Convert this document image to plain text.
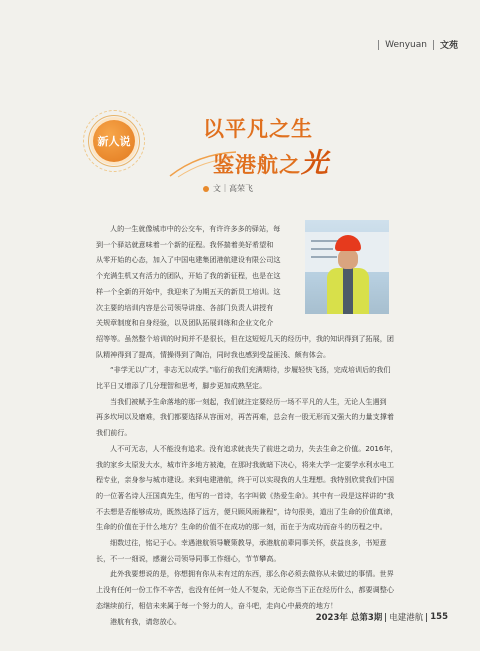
Wenyuan 文苑
新人说
以平凡之生
鉴港航之光
文｜高荣飞

人的一生就像城市中的公交车，有许许多多的驿站，每

到一个驿站就意味着一个新的征程。我怀揣着美好希望和

从零开始的心态，加入了中国电建集团港航建设有限公司这

个充满生机又有活力的团队，开始了我的新征程，也是在这

样一个全新的开始中，我迎来了为期五天的新员工培训。这

次主要的培训内容是公司领导讲座、各部门负责人讲授有

关规章制度和自身经验，以及团队拓展训练和企业文化介

绍等等。虽然整个培训的时间并不是很长，但在这短短几天的经历中，我的知识得到了拓展，团

队精神得到了提高，情操得到了陶冶，同时我也感到受益匪浅、颇有体会。

“非学无以广才，非志无以成学。”临行前我们充满期待，步履轻快飞扬，完成培训后的我们

比平日又增添了几分理智和思考，脚步更加成熟坚定。

当我们被赋予生命落地的那一刻起，我们就注定要经历一场不平凡的人生，无论人生遇到

再多坎坷以及磨难，我们都要选择从容面对，再苦再难，总会有一股无形而又强大的力量支撑着

我们前行。

人不可无志，人不能没有追求。没有追求就丧失了前进之动力，失去生命之价值。2016年，

我的家乡太原发大水，城市许多地方被淹，在那时我就暗下决心，将来大学一定要学水利水电工

程专业，亲身参与城市建设。来到电建港航，终于可以实现我的人生理想。我特别欣赏我们中国

的一位著名诗人汪国真先生，他写的一首诗，名字叫做《热爱生命》。其中有一段是这样讲的“我

不去想是否能够成功，既然选择了远方，便只顾风雨兼程”，诗句很美，道出了生命的价值真谛，

生命的价值在于什么地方？生命的价值不在成功的那一刻，而在于为成功而奋斗的历程之中。

细数过往，铭记于心。幸遇港航领导鞭策教导，承港航前辈同事关怀，获益良多，书短意

长，不一一细说，感谢公司领导同事工作细心，节节攀高。

此外我要想说的是，你想拥有你从未有过的东西，那么你必须去做你从未做过的事情。世界

上没有任何一份工作不辛苦，也没有任何一处人不复杂，无论你当下正在经历什么，都要调整心

态继续前行，相信未来属于每一个努力的人，奋斗吧，走向心中最亮的地方！

港航有我，请您放心。	2023年 总第3期 电建港航 155
